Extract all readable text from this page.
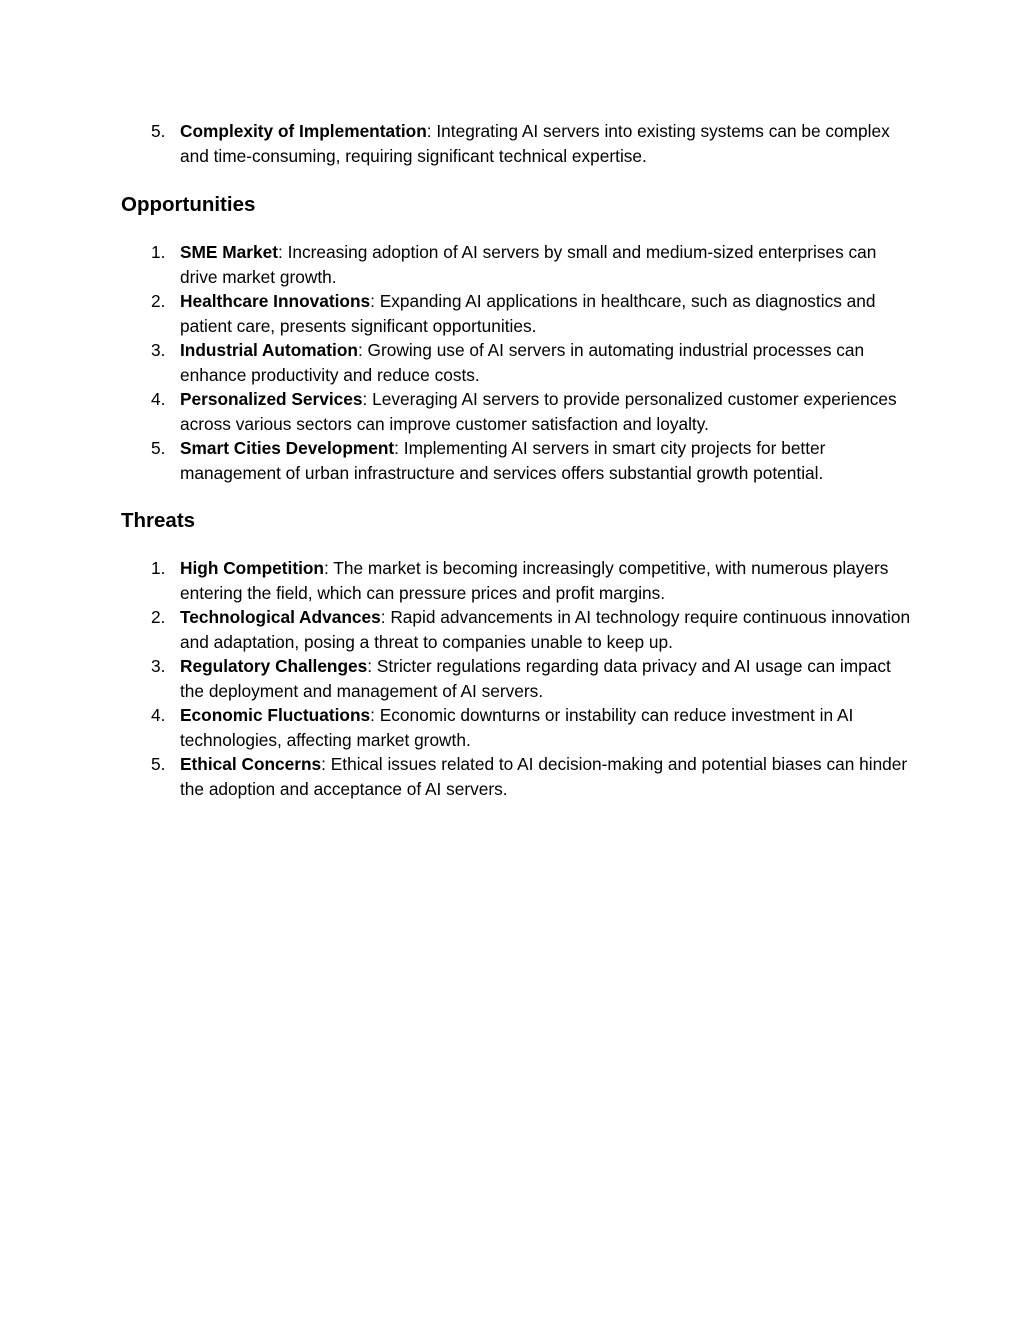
5. Complexity of Implementation: Integrating AI servers into existing systems can be complex and time-consuming, requiring significant technical expertise.
Opportunities
1. SME Market: Increasing adoption of AI servers by small and medium-sized enterprises can drive market growth.
2. Healthcare Innovations: Expanding AI applications in healthcare, such as diagnostics and patient care, presents significant opportunities.
3. Industrial Automation: Growing use of AI servers in automating industrial processes can enhance productivity and reduce costs.
4. Personalized Services: Leveraging AI servers to provide personalized customer experiences across various sectors can improve customer satisfaction and loyalty.
5. Smart Cities Development: Implementing AI servers in smart city projects for better management of urban infrastructure and services offers substantial growth potential.
Threats
1. High Competition: The market is becoming increasingly competitive, with numerous players entering the field, which can pressure prices and profit margins.
2. Technological Advances: Rapid advancements in AI technology require continuous innovation and adaptation, posing a threat to companies unable to keep up.
3. Regulatory Challenges: Stricter regulations regarding data privacy and AI usage can impact the deployment and management of AI servers.
4. Economic Fluctuations: Economic downturns or instability can reduce investment in AI technologies, affecting market growth.
5. Ethical Concerns: Ethical issues related to AI decision-making and potential biases can hinder the adoption and acceptance of AI servers.
